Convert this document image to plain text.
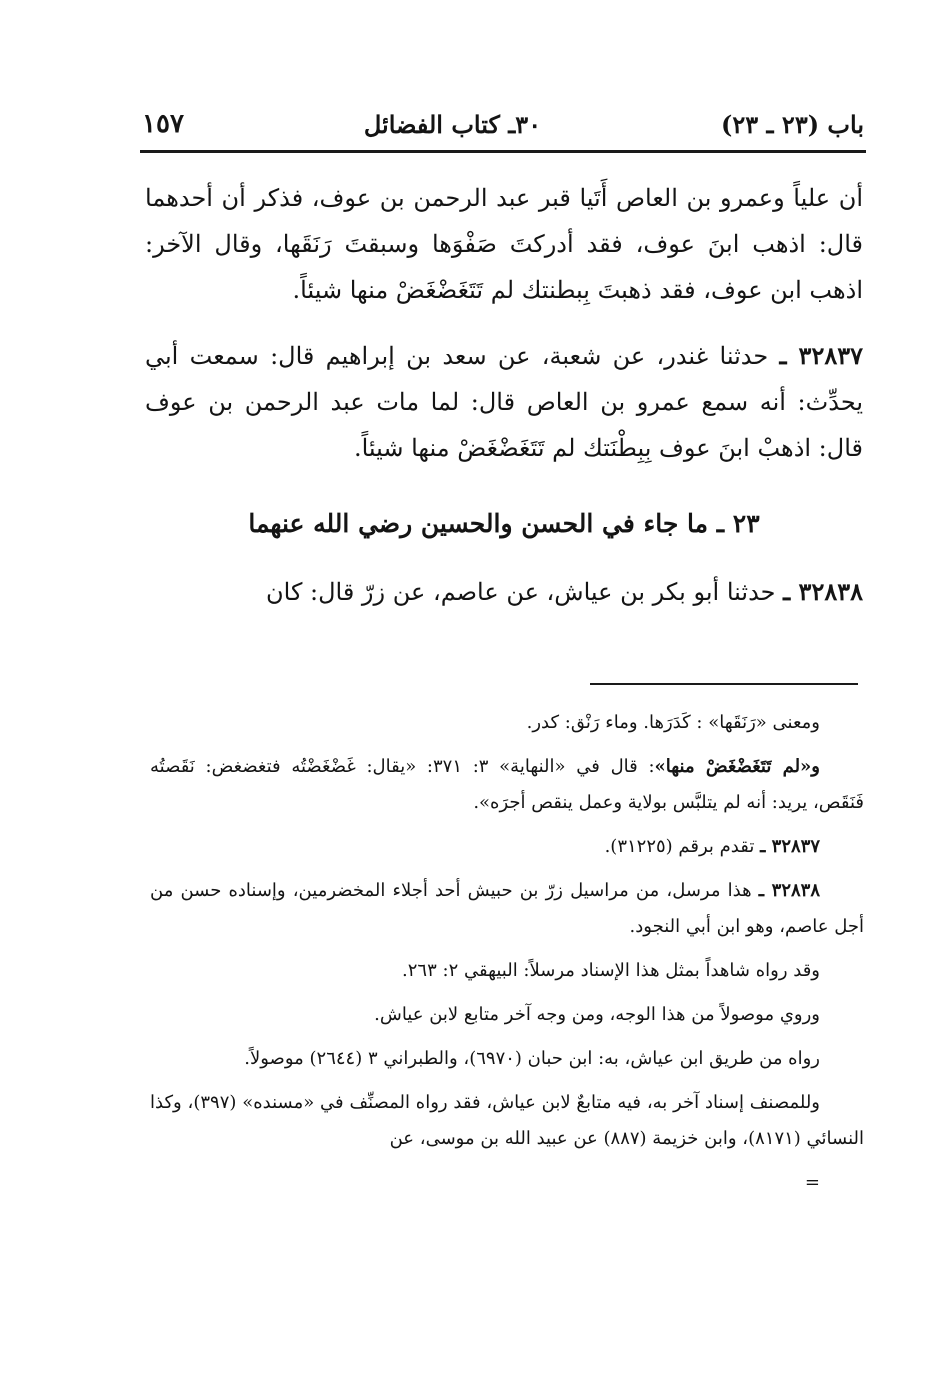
باب (٢٣ ـ ٢٣)
٣٠ـ كتاب الفضائل
١٥٧

أن علياً وعمرو بن العاص أَتَيا قبر عبد الرحمن بن عوف، فذكر أن أحدهما قال: اذهب ابنَ عوف، فقد أدركتَ صَفْوَها وسبقتَ رَنَقَها، وقال الآخر: اذهب ابن عوف، فقد ذهبتَ بِبطنتك لم تَتَغَضْغَضْ منها شيئاً.

٣٢٨٣٧ ـ حدثنا غندر، عن شعبة، عن سعد بن إبراهيم قال: سمعت أبي يحدِّث: أنه سمع عمرو بن العاص قال: لما مات عبد الرحمن بن عوف قال: اذهبْ ابنَ عوف بِبِطْنَتك لم تَتَغَضْغَضْ منها شيئاً.

٢٣ ـ ما جاء في الحسن والحسين رضي الله عنهما

٣٢٨٣٨ ـ حدثنا أبو بكر بن عياش، عن عاصم، عن زرّ قال: كان

ومعنى «رَنَقَها» : كَدَرَها. وماء رَنْق: كدر.

و«لم تَتَغَضْغَضْ منها»: قال في «النهاية» ٣: ٣٧١: «يقال: غَضْغَضْتُه فتغضغض: نَقَصتُه فَنَقَص، يريد: أنه لم يتلبَّس بولاية وعمل ينقص أجرَه».

٣٢٨٣٧ ـ تقدم برقم (٣١٢٢٥).

٣٢٨٣٨ ـ هذا مرسل، من مراسيل زرّ بن حبيش أحد أجلاء المخضرمين، وإسناده حسن من أجل عاصم، وهو ابن أبي النجود.

وقد رواه شاهداً بمثل هذا الإسناد مرسلاً: البيهقي ٢: ٢٦٣.

وروي موصولاً من هذا الوجه، ومن وجه آخر متابع لابن عياش.

رواه من طريق ابن عياش، به: ابن حبان (٦٩٧٠)، والطبراني ٣ (٢٦٤٤) موصولاً.

وللمصنف إسناد آخر به، فيه متابعٌ لابن عياش، فقد رواه المصنِّف في «مسنده» (٣٩٧)، وكذا النسائي (٨١٧١)، وابن خزيمة (٨٨٧) عن عبيد الله بن موسى، عن

=
